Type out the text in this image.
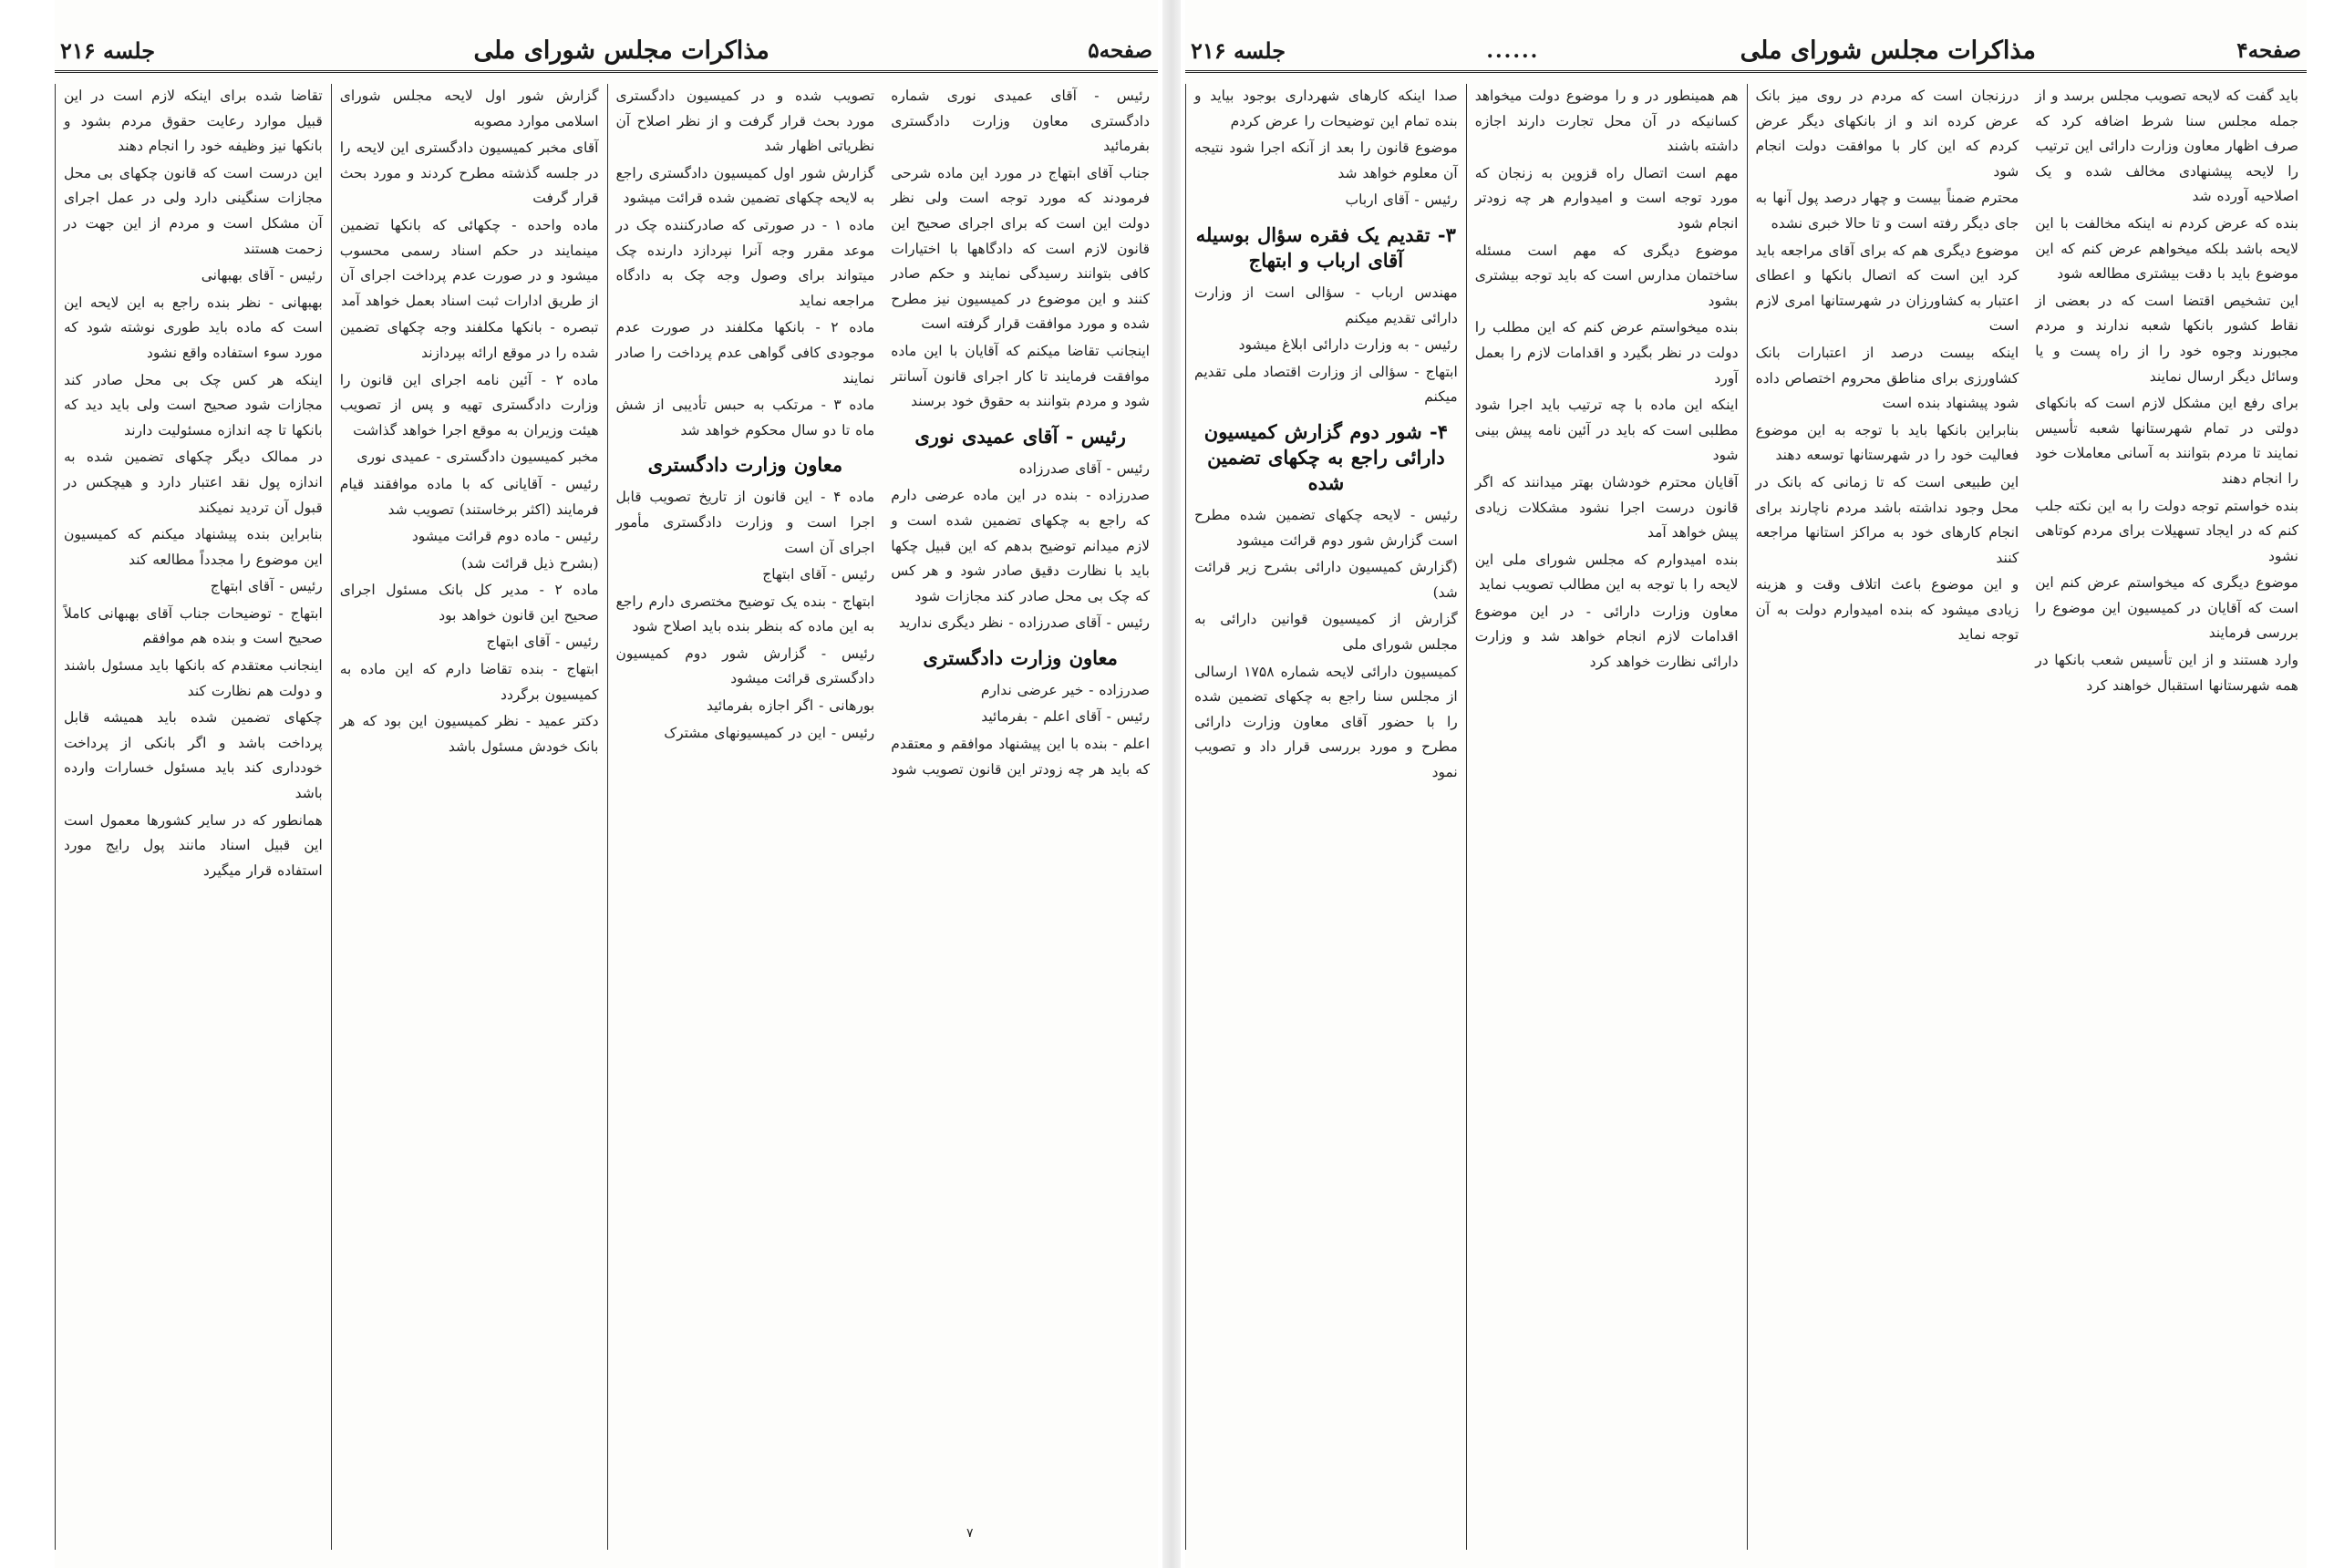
جلسه ۲۱۶	مذاکرات مجلس شورای ملی	صفحه۵

تقاضا شده برای اینکه لازم است در این قبیل موارد رعایت حقوق مردم بشود و بانکها نیز وظیفه خود را انجام دهند

این درست است که قانون چکهای بی محل مجازات سنگینی دارد ولی در عمل اجرای آن مشکل است و مردم از این جهت در زحمت هستند

رئیس - آقای بهبهانی

بهبهانی - نظر بنده راجع به این لایحه این است که ماده باید طوری نوشته شود که مورد سوء استفاده واقع نشود

اینکه هر کس چک بی محل صادر کند مجازات شود صحیح است ولی باید دید که بانکها تا چه اندازه مسئولیت دارند

در ممالک دیگر چکهای تضمین شده به اندازه پول نقد اعتبار دارد و هیچکس در قبول آن تردید نمیکند

بنابراین بنده پیشنهاد میکنم که کمیسیون این موضوع را مجدداً مطالعه کند

رئیس - آقای ابتهاج

ابتهاج - توضیحات جناب آقای بهبهانی کاملاً صحیح است و بنده هم موافقم

اینجانب معتقدم که بانکها باید مسئول باشند و دولت هم نظارت کند

چکهای تضمین شده باید همیشه قابل پرداخت باشد و اگر بانکی از پرداخت خودداری کند باید مسئول خسارات وارده باشد

همانطور که در سایر کشورها معمول است این قبیل اسناد مانند پول رایج مورد استفاده قرار میگیرد

گزارش شور اول لایحه مجلس شورای اسلامی موارد مصوبه

آقای مخبر کمیسیون دادگستری این لایحه را در جلسه گذشته مطرح کردند و مورد بحث قرار گرفت

ماده واحده - چکهائی که بانکها تضمین مینمایند در حکم اسناد رسمی محسوب میشود و در صورت عدم پرداخت اجرای آن از طریق ادارات ثبت اسناد بعمل خواهد آمد

تبصره - بانکها مکلفند وجه چکهای تضمین شده را در موقع ارائه بپردازند

ماده ۲ - آئین نامه اجرای این قانون را وزارت دادگستری تهیه و پس از تصویب هیئت وزیران به موقع اجرا خواهد گذاشت

مخبر کمیسیون دادگستری - عمیدی نوری

رئیس - آقایانی که با ماده موافقند قیام فرمایند (اکثر برخاستند) تصویب شد

رئیس - ماده دوم قرائت میشود

(بشرح ذیل قرائت شد)

ماده ۲ - مدیر کل بانک مسئول اجرای صحیح این قانون خواهد بود

رئیس - آقای ابتهاج

ابتهاج - بنده تقاضا دارم که این ماده به کمیسیون برگردد

دکتر عمید - نظر کمیسیون این بود که هر بانک خودش مسئول باشد

تصویب شده و در کمیسیون دادگستری مورد بحث قرار گرفت و از نظر اصلاح آن نظریاتی اظهار شد

گزارش شور اول کمیسیون دادگستری راجع به لایحه چکهای تضمین شده قرائت میشود

ماده ۱ - در صورتی که صادرکننده چک در موعد مقرر وجه آنرا نپردازد دارنده چک میتواند برای وصول وجه چک به دادگاه مراجعه نماید

ماده ۲ - بانکها مکلفند در صورت عدم موجودی کافی گواهی عدم پرداخت را صادر نمایند

ماده ۳ - مرتکب به حبس تأدیبی از شش ماه تا دو سال محکوم خواهد شد

معاون وزارت دادگستری

ماده ۴ - این قانون از تاریخ تصویب قابل اجرا است و وزارت دادگستری مأمور اجرای آن است

رئیس - آقای ابتهاج

ابتهاج - بنده یک توضیح مختصری دارم راجع به این ماده که بنظر بنده باید اصلاح شود

رئیس - گزارش شور دوم کمیسیون دادگستری قرائت میشود

بورهانی - اگر اجازه بفرمائید

رئیس - این در کمیسیونهای مشترک

رئیس - آقای عمیدی نوری شماره دادگستری معاون وزارت دادگستری بفرمائید

جناب آقای ابتهاج در مورد این ماده شرحی فرمودند که مورد توجه است ولی نظر دولت این است که برای اجرای صحیح این قانون لازم است که دادگاهها با اختیارات کافی بتوانند رسیدگی نمایند و حکم صادر کنند و این موضوع در کمیسیون نیز مطرح شده و مورد موافقت قرار گرفته است

اینجانب تقاضا میکنم که آقایان با این ماده موافقت فرمایند تا کار اجرای قانون آسانتر شود و مردم بتوانند به حقوق خود برسند

رئیس - آقای عمیدی نوری

رئیس - آقای صدرزاده

صدرزاده - بنده در این ماده عرضی دارم که راجع به چکهای تضمین شده است و لازم میدانم توضیح بدهم که این قبیل چکها باید با نظارت دقیق صادر شود و هر کس که چک بی محل صادر کند مجازات شود

رئیس - آقای صدرزاده - نظر دیگری ندارید

معاون وزارت دادگستری

صدرزاده - خیر عرضی ندارم

رئیس - آقای اعلم - بفرمائید

اعلم - بنده با این پیشنهاد موافقم و معتقدم که باید هر چه زودتر این قانون تصویب شود

۷
جلسه ۲۱۶	......	مذاکرات مجلس شورای ملی	صفحه۴

صدا اینکه کارهای شهرداری بوجود بیاید و بنده تمام این توضیحات را عرض کردم

موضوع قانون را بعد از آنکه اجرا شود نتیجه آن معلوم خواهد شد

رئیس - آقای ارباب

۳- تقدیم یک فقره سؤال بوسیله آقای ارباب و ابتهاج

مهندس ارباب - سؤالی است از وزارت دارائی تقدیم میکنم

رئیس - به وزارت دارائی ابلاغ میشود

ابتهاج - سؤالی از وزارت اقتصاد ملی تقدیم میکنم

۴- شور دوم گزارش کمیسیون دارائی راجع به چکهای تضمین شده

رئیس - لایحه چکهای تضمین شده مطرح است گزارش شور دوم قرائت میشود

(گزارش کمیسیون دارائی بشرح زیر قرائت شد)

گزارش از کمیسیون قوانین دارائی به مجلس شورای ملی

کمیسیون دارائی لایحه شماره ۱۷۵۸ ارسالی از مجلس سنا راجع به چکهای تضمین شده را با حضور آقای معاون وزارت دارائی مطرح و مورد بررسی قرار داد و تصویب نمود

هم همینطور در و را موضوع دولت میخواهد کسانیکه در آن محل تجارت دارند اجازه داشته باشند

مهم است اتصال راه قزوین به زنجان که مورد توجه است و امیدوارم هر چه زودتر انجام شود

موضوع دیگری که مهم است مسئله ساختمان مدارس است که باید توجه بیشتری بشود

بنده میخواستم عرض کنم که این مطلب را دولت در نظر بگیرد و اقدامات لازم را بعمل آورد

اینکه این ماده با چه ترتیب باید اجرا شود مطلبی است که باید در آئین نامه پیش بینی شود

آقایان محترم خودشان بهتر میدانند که اگر قانون درست اجرا نشود مشکلات زیادی پیش خواهد آمد

بنده امیدوارم که مجلس شورای ملی این لایحه را با توجه به این مطالب تصویب نماید

معاون وزارت دارائی - در این موضوع اقدامات لازم انجام خواهد شد و وزارت دارائی نظارت خواهد کرد

درزنجان است که مردم در روی میز بانک عرض کرده اند و از بانکهای دیگر عرض کردم که این کار با موافقت دولت انجام شود

محترم ضمناً بیست و چهار درصد پول آنها به جای دیگر رفته است و تا حالا خبری نشده

موضوع دیگری هم که برای آقای مراجعه باید کرد این است که اتصال بانکها و اعطای اعتبار به کشاورزان در شهرستانها امری لازم است

اینکه بیست درصد از اعتبارات بانک کشاورزی برای مناطق محروم اختصاص داده شود پیشنهاد بنده است

بنابراین بانکها باید با توجه به این موضوع فعالیت خود را در شهرستانها توسعه دهند

این طبیعی است که تا زمانی که بانک در محل وجود نداشته باشد مردم ناچارند برای انجام کارهای خود به مراکز استانها مراجعه کنند

و این موضوع باعث اتلاف وقت و هزینه زیادی میشود که بنده امیدوارم دولت به آن توجه نماید

باید گفت که لایحه تصویب مجلس برسد و از جمله مجلس سنا شرط اضافه کرد که صرف اظهار معاون وزارت دارائی این ترتیب را لایحه پیشنهادی مخالف شده و یک اصلاحیه آورده شد

بنده که عرض کردم نه اینکه مخالفت با این لایحه باشد بلکه میخواهم عرض کنم که این موضوع باید با دقت بیشتری مطالعه شود

این تشخیص اقتضا است که در بعضی از نقاط کشور بانکها شعبه ندارند و مردم مجبورند وجوه خود را از راه پست و یا وسائل دیگر ارسال نمایند

برای رفع این مشکل لازم است که بانکهای دولتی در تمام شهرستانها شعبه تأسیس نمایند تا مردم بتوانند به آسانی معاملات خود را انجام دهند

بنده خواستم توجه دولت را به این نکته جلب کنم که در ایجاد تسهیلات برای مردم کوتاهی نشود

موضوع دیگری که میخواستم عرض کنم این است که آقایان در کمیسیون این موضوع را بررسی فرمایند

وارد هستند و از این تأسیس شعب بانکها در همه شهرستانها استقبال خواهند کرد
